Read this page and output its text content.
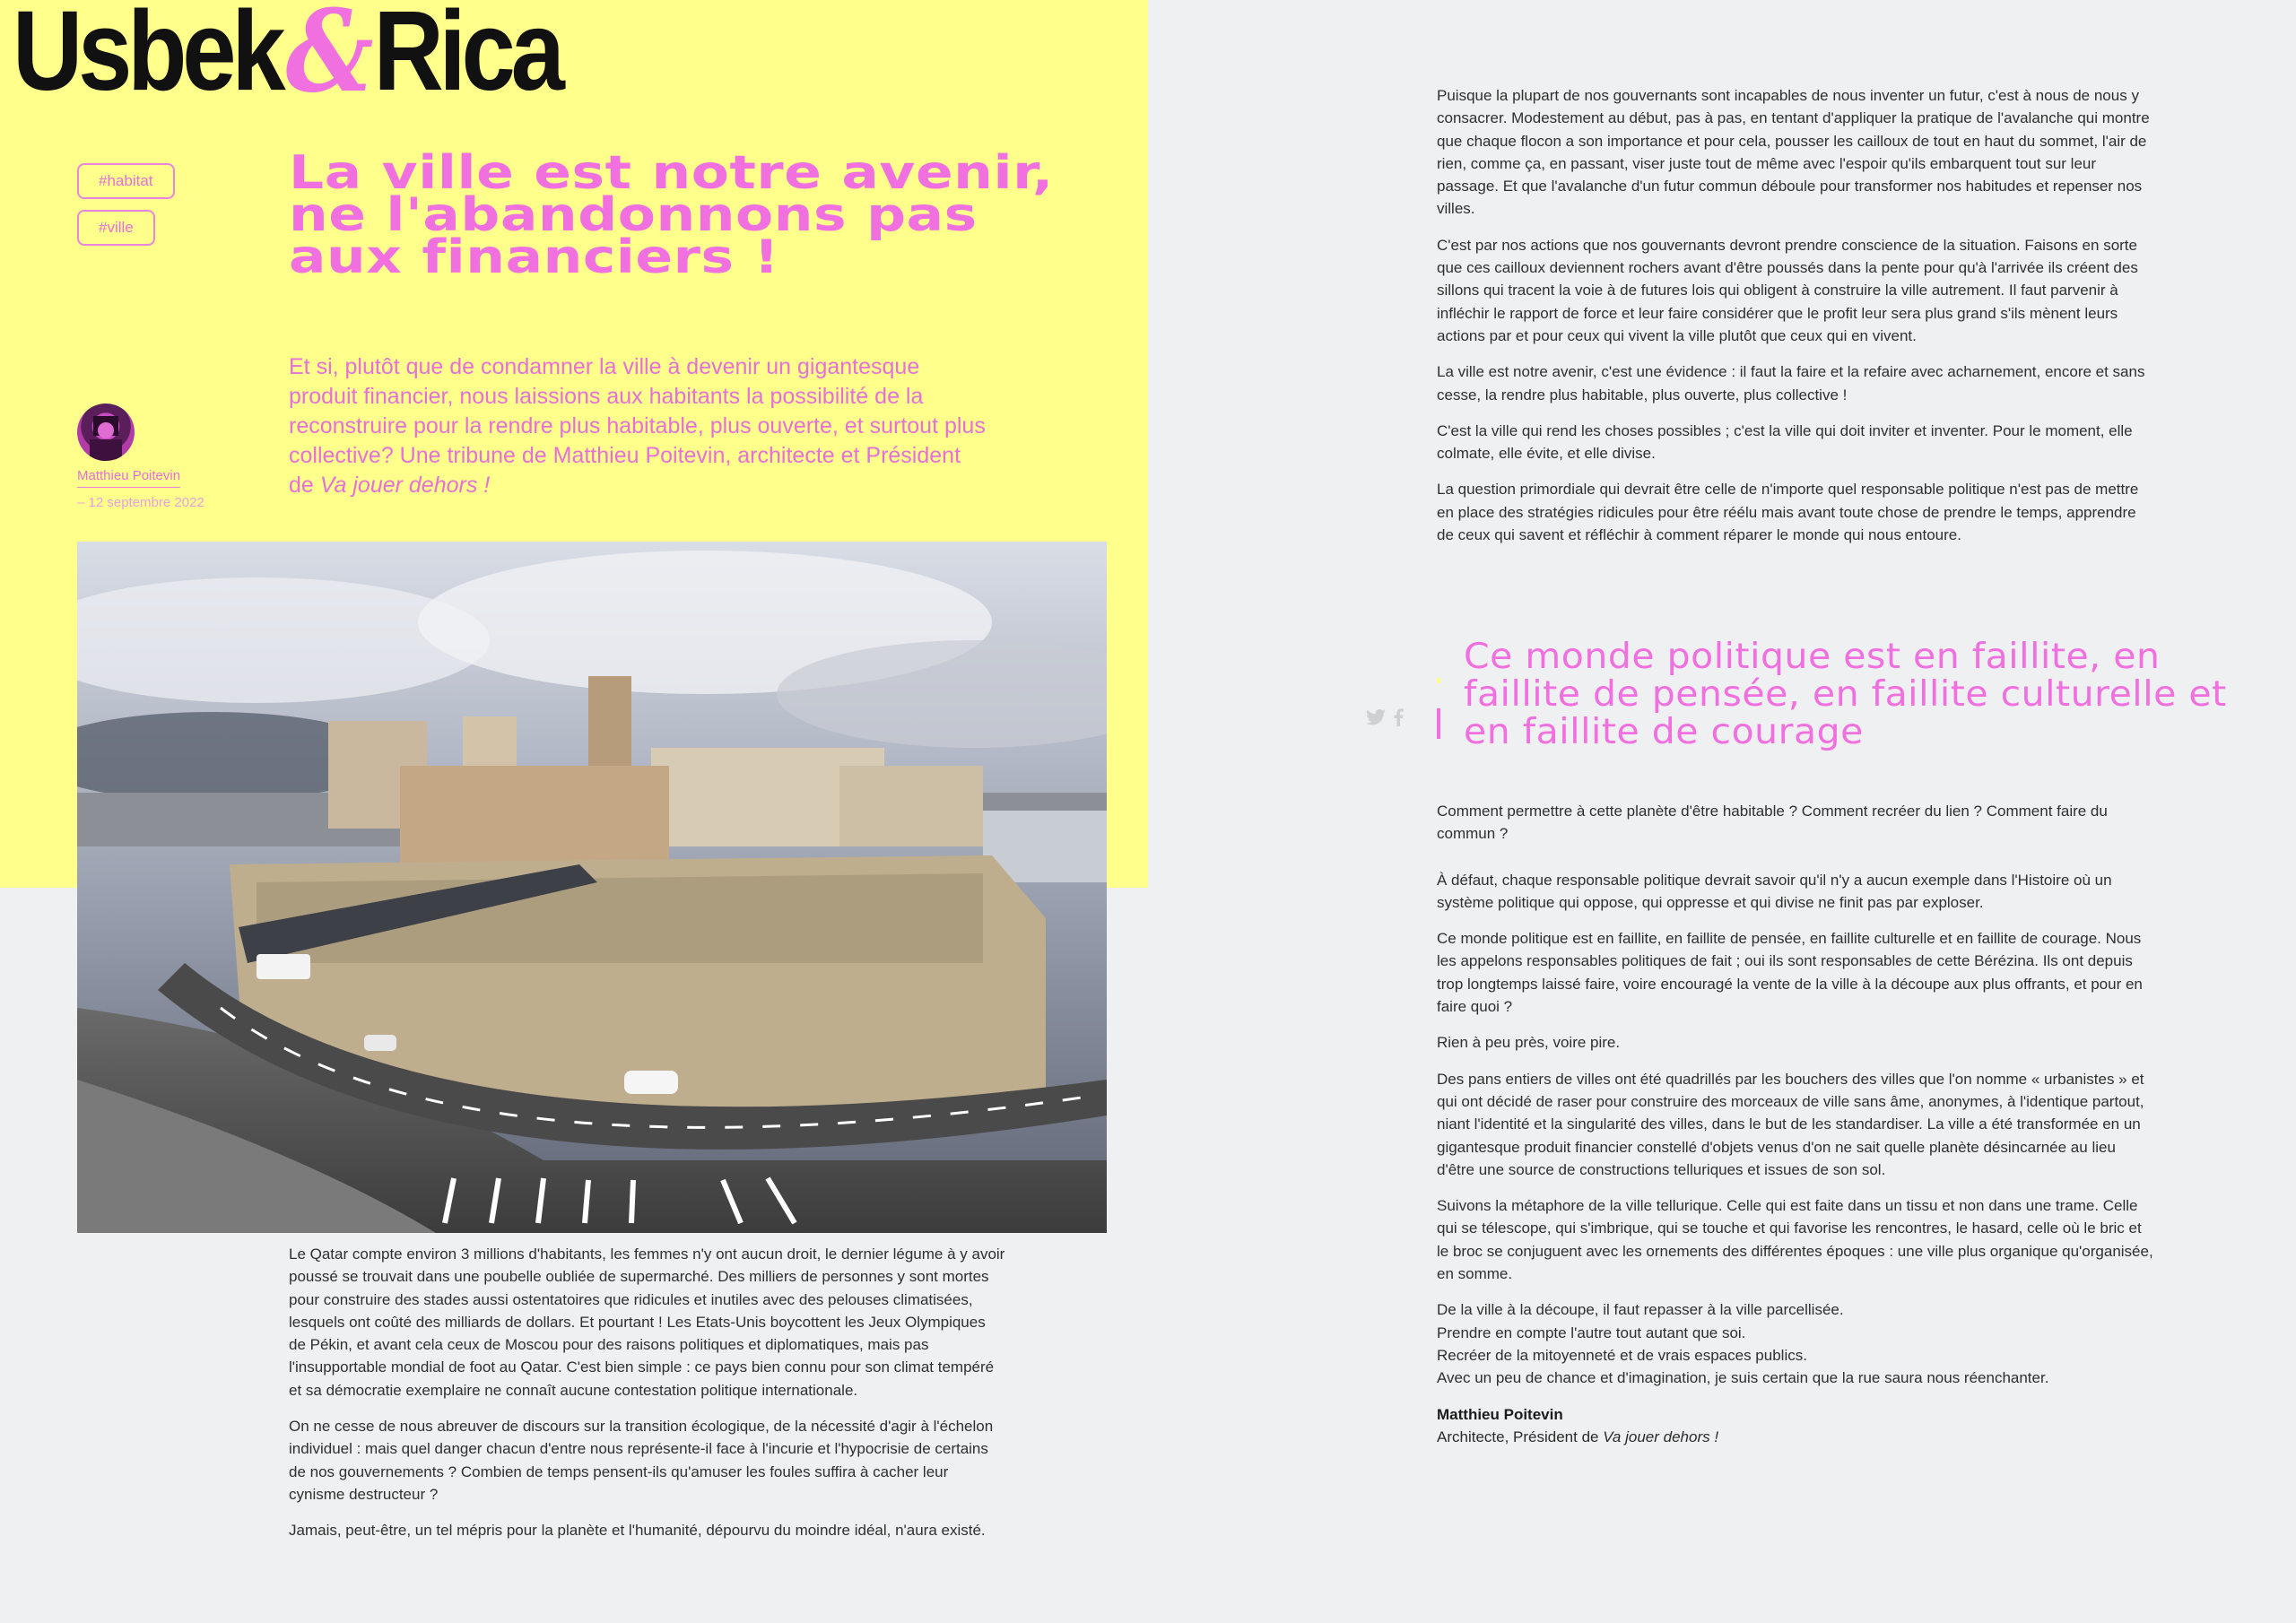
Usbek & Rica
#habitat
#ville
La ville est notre avenir, ne l'abandonnons pas aux financiers !

Et si, plutôt que de condamner la ville à devenir un gigantesque produit financier, nous laissions aux habitants la possibilité de la reconstruire pour la rendre plus habitable, plus ouverte, et surtout plus collective? Une tribune de Matthieu Poitevin, architecte et Président de Va jouer dehors !

Matthieu Poitevin
– 12 septembre 2022

Le Qatar compte environ 3 millions d'habitants, les femmes n'y ont aucun droit, le dernier légume à y avoir poussé se trouvait dans une poubelle oubliée de supermarché. Des milliers de personnes y sont mortes pour construire des stades aussi ostentatoires que ridicules et inutiles avec des pelouses climatisées, lesquels ont coûté des milliards de dollars. Et pourtant ! Les Etats-Unis boycottent les Jeux Olympiques de Pékin, et avant cela ceux de Moscou pour des raisons politiques et diplomatiques, mais pas l'insupportable mondial de foot au Qatar. C'est bien simple : ce pays bien connu pour son climat tempéré et sa démocratie exemplaire ne connaît aucune contestation politique internationale.

On ne cesse de nous abreuver de discours sur la transition écologique, de la nécessité d'agir à l'échelon individuel : mais quel danger chacun d'entre nous représente-il face à l'incurie et l'hypocrisie de certains de nos gouvernements ? Combien de temps pensent-ils qu'amuser les foules suffira à cacher leur cynisme destructeur ?

Jamais, peut-être, un tel mépris pour la planète et l'humanité, dépourvu du moindre idéal, n'aura existé.

Puisque la plupart de nos gouvernants sont incapables de nous inventer un futur, c'est à nous de nous y consacrer. Modestement au début, pas à pas, en tentant d'appliquer la pratique de l'avalanche qui montre que chaque flocon a son importance et pour cela, pousser les cailloux de tout en haut du sommet, l'air de rien, comme ça, en passant, viser juste tout de même avec l'espoir qu'ils embarquent tout sur leur passage. Et que l'avalanche d'un futur commun déboule pour transformer nos habitudes et repenser nos villes.

C'est par nos actions que nos gouvernants devront prendre conscience de la situation. Faisons en sorte que ces cailloux deviennent rochers avant d'être poussés dans la pente pour qu'à l'arrivée ils créent des sillons qui tracent la voie à de futures lois qui obligent à construire la ville autrement. Il faut parvenir à infléchir le rapport de force et leur faire considérer que le profit leur sera plus grand s'ils mènent leurs actions par et pour ceux qui vivent la ville plutôt que ceux qui en vivent.

La ville est notre avenir, c'est une évidence : il faut la faire et la refaire avec acharnement, encore et sans cesse, la rendre plus habitable, plus ouverte, plus collective !

C'est la ville qui rend les choses possibles ; c'est la ville qui doit inviter et inventer. Pour le moment, elle colmate, elle évite, et elle divise.

La question primordiale qui devrait être celle de n'importe quel responsable politique n'est pas de mettre en place des stratégies ridicules pour être réélu mais avant toute chose de prendre le temps, apprendre de ceux qui savent et réfléchir à comment réparer le monde qui nous entoure.

Ce monde politique est en faillite, en faillite de pensée, en faillite culturelle et en faillite de courage

Comment permettre à cette planète d'être habitable ? Comment recréer du lien ? Comment faire du commun ?

À défaut, chaque responsable politique devrait savoir qu'il n'y a aucun exemple dans l'Histoire où un système politique qui oppose, qui oppresse et qui divise ne finit pas par exploser.

Ce monde politique est en faillite, en faillite de pensée, en faillite culturelle et en faillite de courage. Nous les appelons responsables politiques de fait ; oui ils sont responsables de cette Bérézina. Ils ont depuis trop longtemps laissé faire, voire encouragé la vente de la ville à la découpe aux plus offrants, et pour en faire quoi ?

Rien à peu près, voire pire.

Des pans entiers de villes ont été quadrillés par les bouchers des villes que l'on nomme « urbanistes » et qui ont décidé de raser pour construire des morceaux de ville sans âme, anonymes, à l'identique partout, niant l'identité et la singularité des villes, dans le but de les standardiser. La ville a été transformée en un gigantesque produit financier constellé d'objets venus d'on ne sait quelle planète désincarnée au lieu d'être une source de constructions telluriques et issues de son sol.

Suivons la métaphore de la ville tellurique. Celle qui est faite dans un tissu et non dans une trame. Celle qui se télescope, qui s'imbrique, qui se touche et qui favorise les rencontres, le hasard, celle où le bric et le broc se conjuguent avec les ornements des différentes époques : une ville plus organique qu'organisée, en somme.

De la ville à la découpe, il faut repasser à la ville parcellisée.
Prendre en compte l'autre tout autant que soi.
Recréer de la mitoyenneté et de vrais espaces publics.
Avec un peu de chance et d'imagination, je suis certain que la rue saura nous réenchanter.

Matthieu Poitevin
Architecte, Président de Va jouer dehors !
